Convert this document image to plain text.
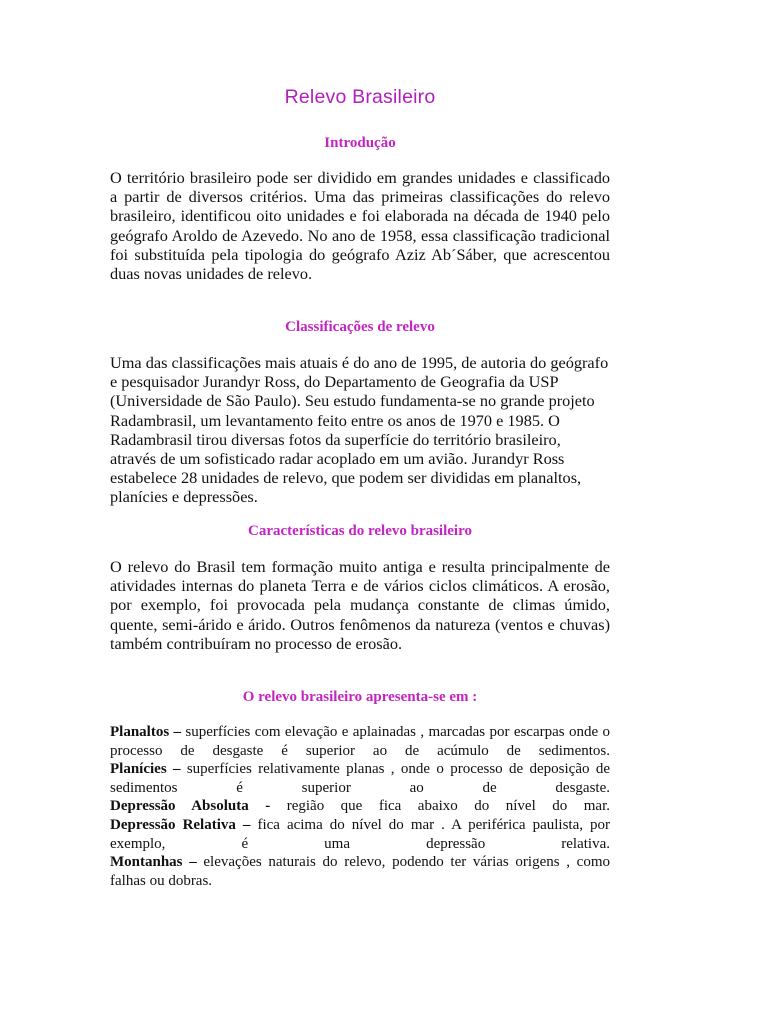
Relevo Brasileiro
Introdução

O território brasileiro pode ser dividido em grandes unidades e classificado a partir de diversos critérios. Uma das primeiras classificações do relevo brasileiro, identificou oito unidades e foi elaborada na década de 1940 pelo geógrafo Aroldo de Azevedo. No ano de 1958, essa classificação tradicional foi substituída pela tipologia do geógrafo Aziz Ab´Sáber, que acrescentou duas novas unidades de relevo.

Classificações de relevo

Uma das classificações mais atuais é do ano de 1995, de autoria do geógrafo e pesquisador Jurandyr Ross, do Departamento de Geografia da USP (Universidade de São Paulo). Seu estudo fundamenta-se no grande projeto Radambrasil, um levantamento feito entre os anos de 1970 e 1985. O Radambrasil tirou diversas fotos da superfície do território brasileiro, através de um sofisticado radar acoplado em um avião. Jurandyr Ross estabelece 28 unidades de relevo, que podem ser divididas em planaltos, planícies e depressões.

Características do relevo brasileiro

O relevo do Brasil tem formação muito antiga e resulta principalmente de atividades internas do planeta Terra e de vários ciclos climáticos. A erosão, por exemplo, foi provocada pela mudança constante de climas úmido, quente, semi-árido e árido. Outros fenômenos da natureza (ventos e chuvas) também contribuíram no processo de erosão.

O relevo brasileiro apresenta-se em :

Planaltos – superfícies com elevação e aplainadas , marcadas por escarpas onde o processo de desgaste é superior ao de acúmulo de sedimentos.

Planícies – superfícies relativamente planas , onde o processo de deposição de sedimentos é superior ao de desgaste.

Depressão Absoluta - região que fica abaixo do nível do mar.

Depressão Relativa – fica acima do nível do mar . A periférica paulista, por exemplo, é uma depressão relativa.

Montanhas – elevações naturais do relevo, podendo ter várias origens , como falhas ou dobras.
